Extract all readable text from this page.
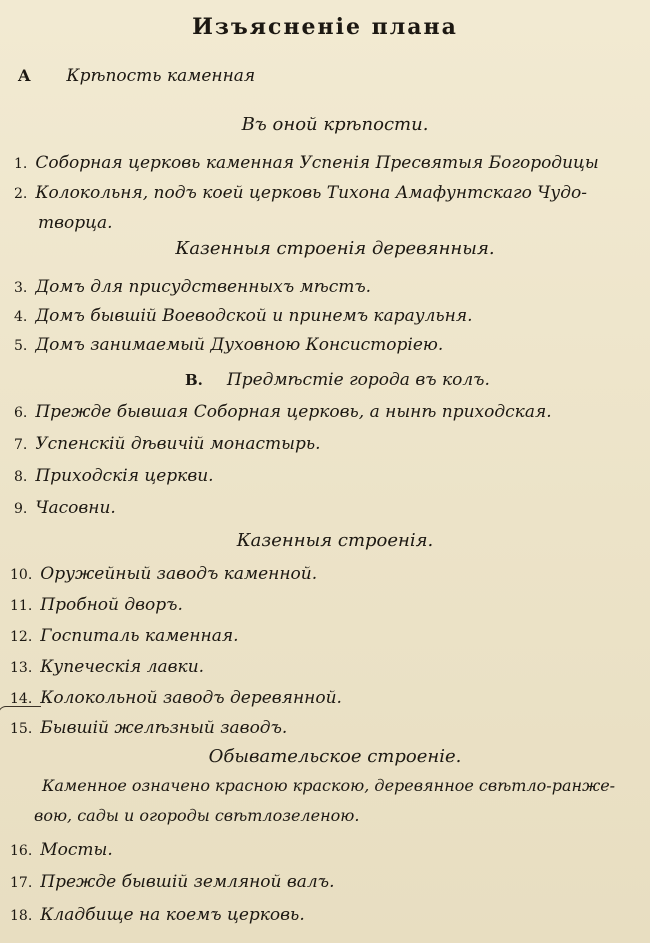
Изъясненіе плана
A Крѣпость каменная
Въ оной крѣпости.
1. Соборная церковь каменная Успенія Пресвятыя Богородицы
2. Колокольня, подъ коей церковь Тихона Амафунтскаго Чудо-
творца.
Казенныя строенія деревянныя.
3. Домъ для присудственныхъ мѣстъ.
4. Домъ бывшій Воеводской и принемъ караульня.
5. Домъ занимаемый Духовною Консисторіею.
B. Предмѣстіе города въ колъ.
6. Прежде бывшая Соборная церковь, а нынѣ приходская.
7. Успенскій дѣвичій монастырь.
8. Приходскія церкви.
9. Часовни.
Казенныя строенія.
10. Оружейный заводъ каменной.
11. Пробной дворъ.
12. Госпиталь каменная.
13. Купеческія лавки.
14. Колокольной заводъ деревянной.
15. Бывшій желѣзный заводъ.
Обывательское строеніе.
Каменное означено красною краскою, деревянное свѣтло-ранже-
вою, сады и огороды свѣтлозеленою.
16. Мосты.
17. Прежде бывшій земляной валъ.
18. Кладбище на коемъ церковь.
